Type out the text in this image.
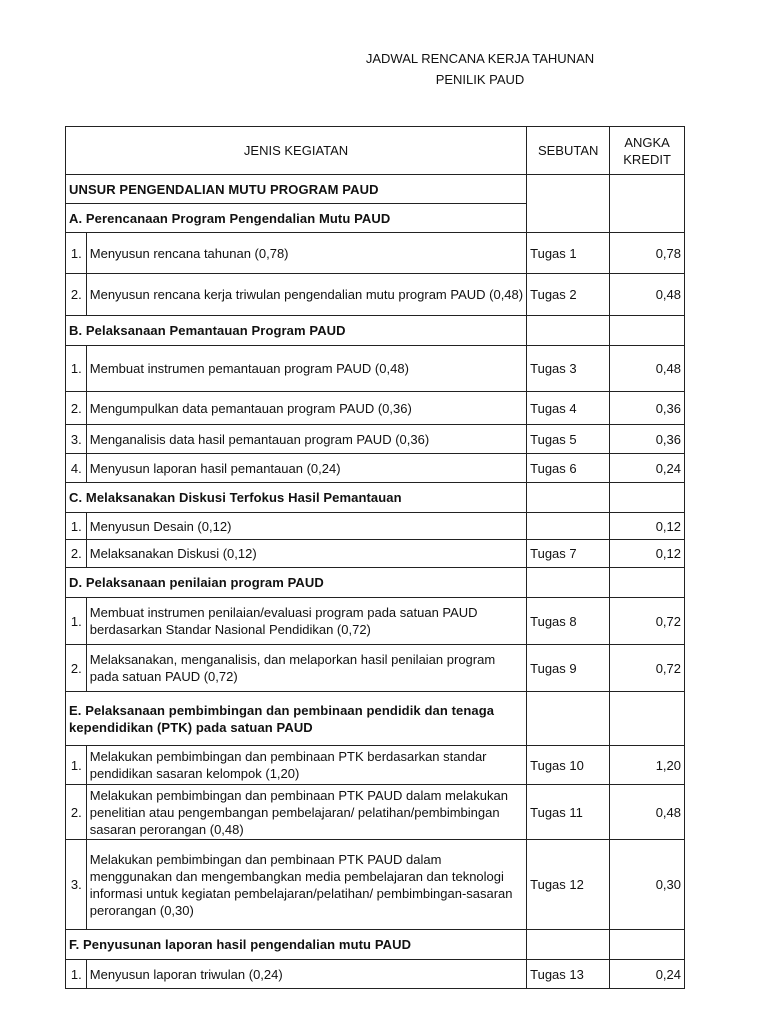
JADWAL RENCANA KERJA TAHUNAN
PENILIK PAUD
JENIS KEGIATAN		SEBUTAN	ANGKA KREDIT
UNSUR PENGENDALIAN MUTU PROGRAM PAUD			
A. Perencanaan Program Pengendalian Mutu PAUD			
1.	Menyusun rencana tahunan (0,78)	Tugas 1	0,78
2.	Menyusun rencana kerja triwulan pengendalian mutu program PAUD (0,48)	Tugas 2	0,48
B. Pelaksanaan Pemantauan Program PAUD			
1.	Membuat instrumen pemantauan program PAUD (0,48)	Tugas 3	0,48
2.	Mengumpulkan data pemantauan program PAUD (0,36)	Tugas 4	0,36
3.	Menganalisis data hasil pemantauan program PAUD (0,36)	Tugas 5	0,36
4.	Menyusun laporan hasil pemantauan (0,24)	Tugas 6	0,24
C. Melaksanakan Diskusi Terfokus Hasil Pemantauan			
1.	Menyusun Desain (0,12)		0,12
2.	Melaksanakan Diskusi (0,12)	Tugas 7	0,12
D. Pelaksanaan penilaian program PAUD			
1.	Membuat instrumen penilaian/evaluasi program pada satuan PAUD berdasarkan Standar Nasional Pendidikan (0,72)	Tugas 8	0,72
2.	Melaksanakan, menganalisis, dan melaporkan hasil penilaian program pada satuan PAUD (0,72)	Tugas 9	0,72
E. Pelaksanaan pembimbingan dan pembinaan pendidik dan tenaga kependidikan (PTK) pada satuan PAUD			
1.	Melakukan pembimbingan dan pembinaan PTK berdasarkan standar pendidikan sasaran kelompok (1,20)	Tugas 10	1,20
2.	Melakukan pembimbingan dan pembinaan PTK PAUD dalam melakukan penelitian atau pengembangan pembelajaran/ pelatihan/pembimbingan sasaran perorangan (0,48)	Tugas 11	0,48
3.	Melakukan pembimbingan dan pembinaan PTK PAUD dalam menggunakan dan mengembangkan media pembelajaran dan teknologi informasi untuk kegiatan pembelajaran/pelatihan/ pembimbingan-sasaran perorangan (0,30)	Tugas 12	0,30
F. Penyusunan laporan hasil pengendalian mutu PAUD			
1.	Menyusun laporan triwulan (0,24)	Tugas 13	0,24
